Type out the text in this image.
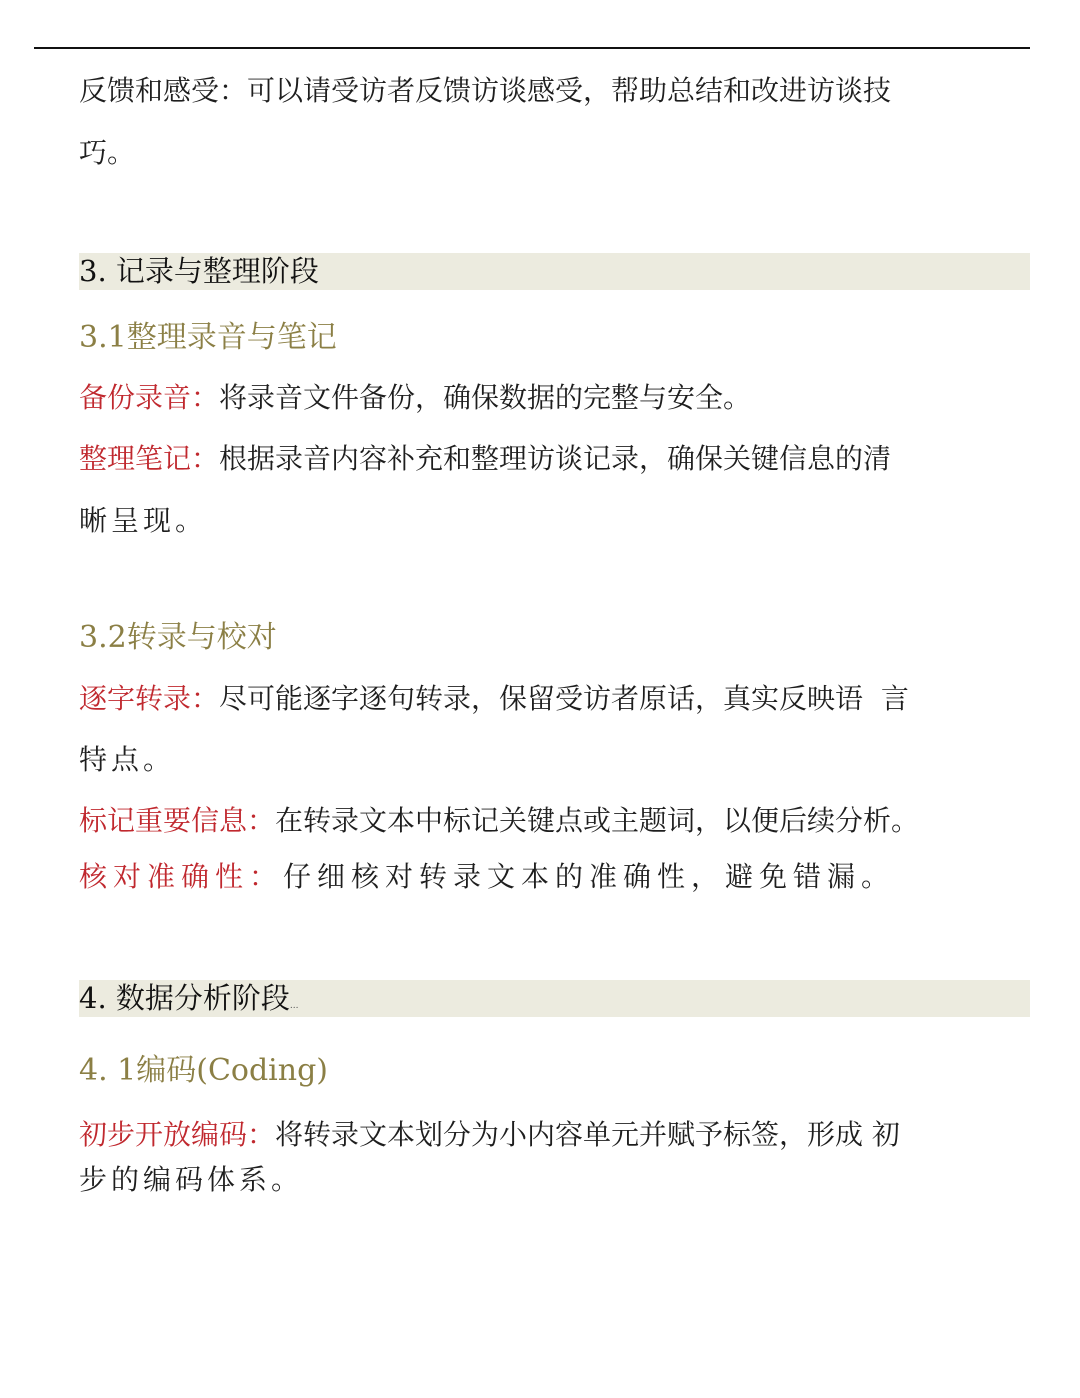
反馈和感受：可以请受访者反馈访谈感受，帮助总结和改进访谈技
巧。
3. 记录与整理阶段
3.1整理录音与笔记
备份录音：将录音文件备份，确保数据的完整与安全。
整理笔记：根据录音内容补充和整理访谈记录，确保关键信息的清
晰呈现。
3.2转录与校对
逐字转录：尽可能逐字逐句转录，保留受访者原话，真实反映语  言
特点。
标记重要信息：在转录文本中标记关键点或主题词，以便后续分析。
核对准确性：仔细核对转录文本的准确性，避免错漏。
4. 数据分析阶段...
4. 1编码(Coding)
初步开放编码：将转录文本划分为小内容单元并赋予标签，形成 初
步的编码体系。
